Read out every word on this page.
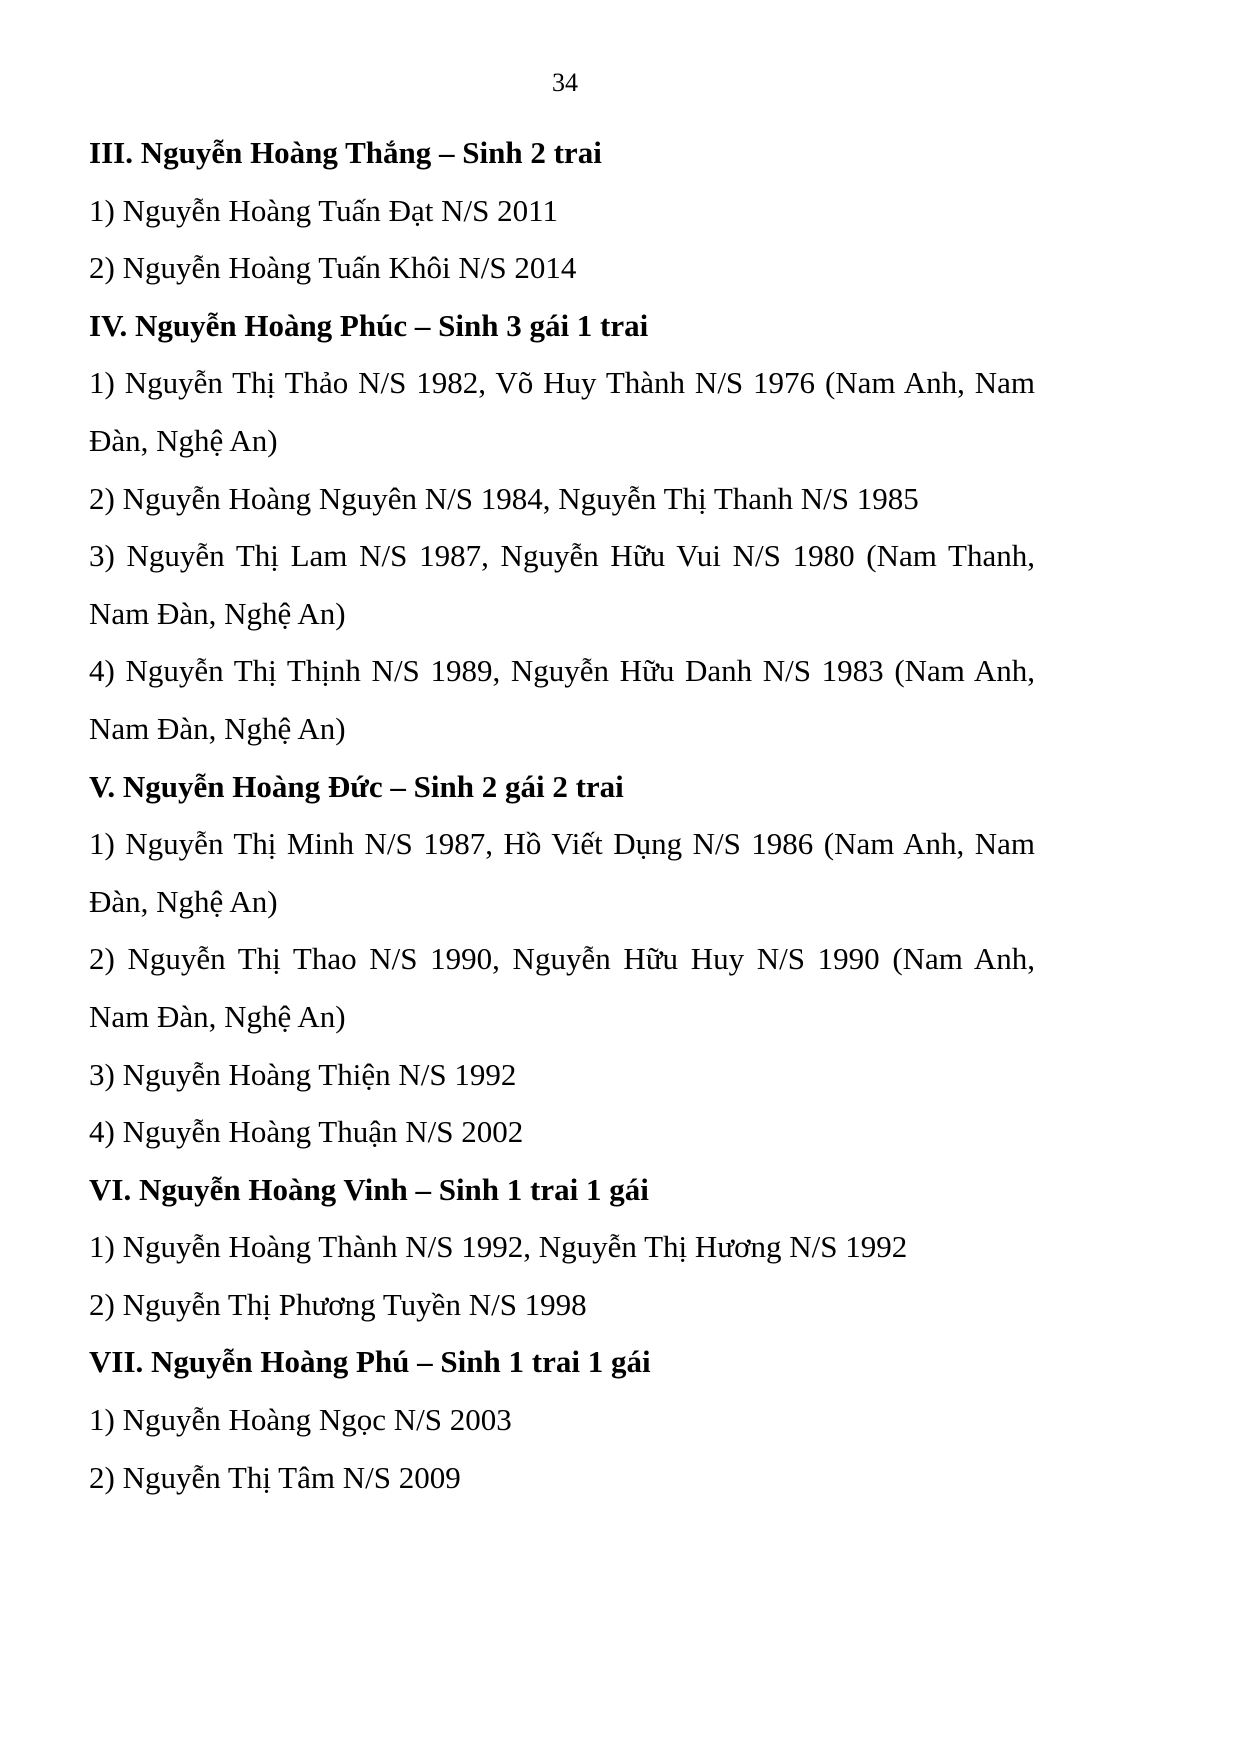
34

III. Nguyễn Hoàng Thắng – Sinh 2 trai

1) Nguyễn Hoàng Tuấn Đạt N/S 2011

2) Nguyễn Hoàng Tuấn Khôi N/S 2014

IV. Nguyễn Hoàng Phúc – Sinh 3 gái 1 trai

1) Nguyễn Thị Thảo N/S 1982, Võ Huy Thành N/S 1976 (Nam Anh, Nam Đàn, Nghệ An)

2) Nguyễn Hoàng Nguyên N/S 1984, Nguyễn Thị Thanh N/S 1985

3) Nguyễn Thị Lam N/S 1987, Nguyễn Hữu Vui N/S 1980 (Nam Thanh, Nam Đàn, Nghệ An)

4) Nguyễn Thị Thịnh N/S 1989, Nguyễn Hữu Danh N/S 1983 (Nam Anh, Nam Đàn, Nghệ An)

V. Nguyễn Hoàng Đức – Sinh 2 gái 2 trai

1) Nguyễn Thị Minh N/S 1987, Hồ Viết Dụng N/S 1986 (Nam Anh, Nam Đàn, Nghệ An)

2) Nguyễn Thị Thao N/S 1990, Nguyễn Hữu Huy N/S 1990 (Nam Anh, Nam Đàn, Nghệ An)

3) Nguyễn Hoàng Thiện N/S 1992

4) Nguyễn Hoàng Thuận N/S 2002

VI. Nguyễn Hoàng Vinh – Sinh 1 trai 1 gái

1) Nguyễn Hoàng Thành N/S 1992, Nguyễn Thị Hương N/S 1992

2) Nguyễn Thị Phương Tuyền N/S 1998

VII. Nguyễn Hoàng Phú – Sinh 1 trai 1 gái

1) Nguyễn Hoàng Ngọc N/S 2003

2) Nguyễn Thị Tâm N/S 2009
